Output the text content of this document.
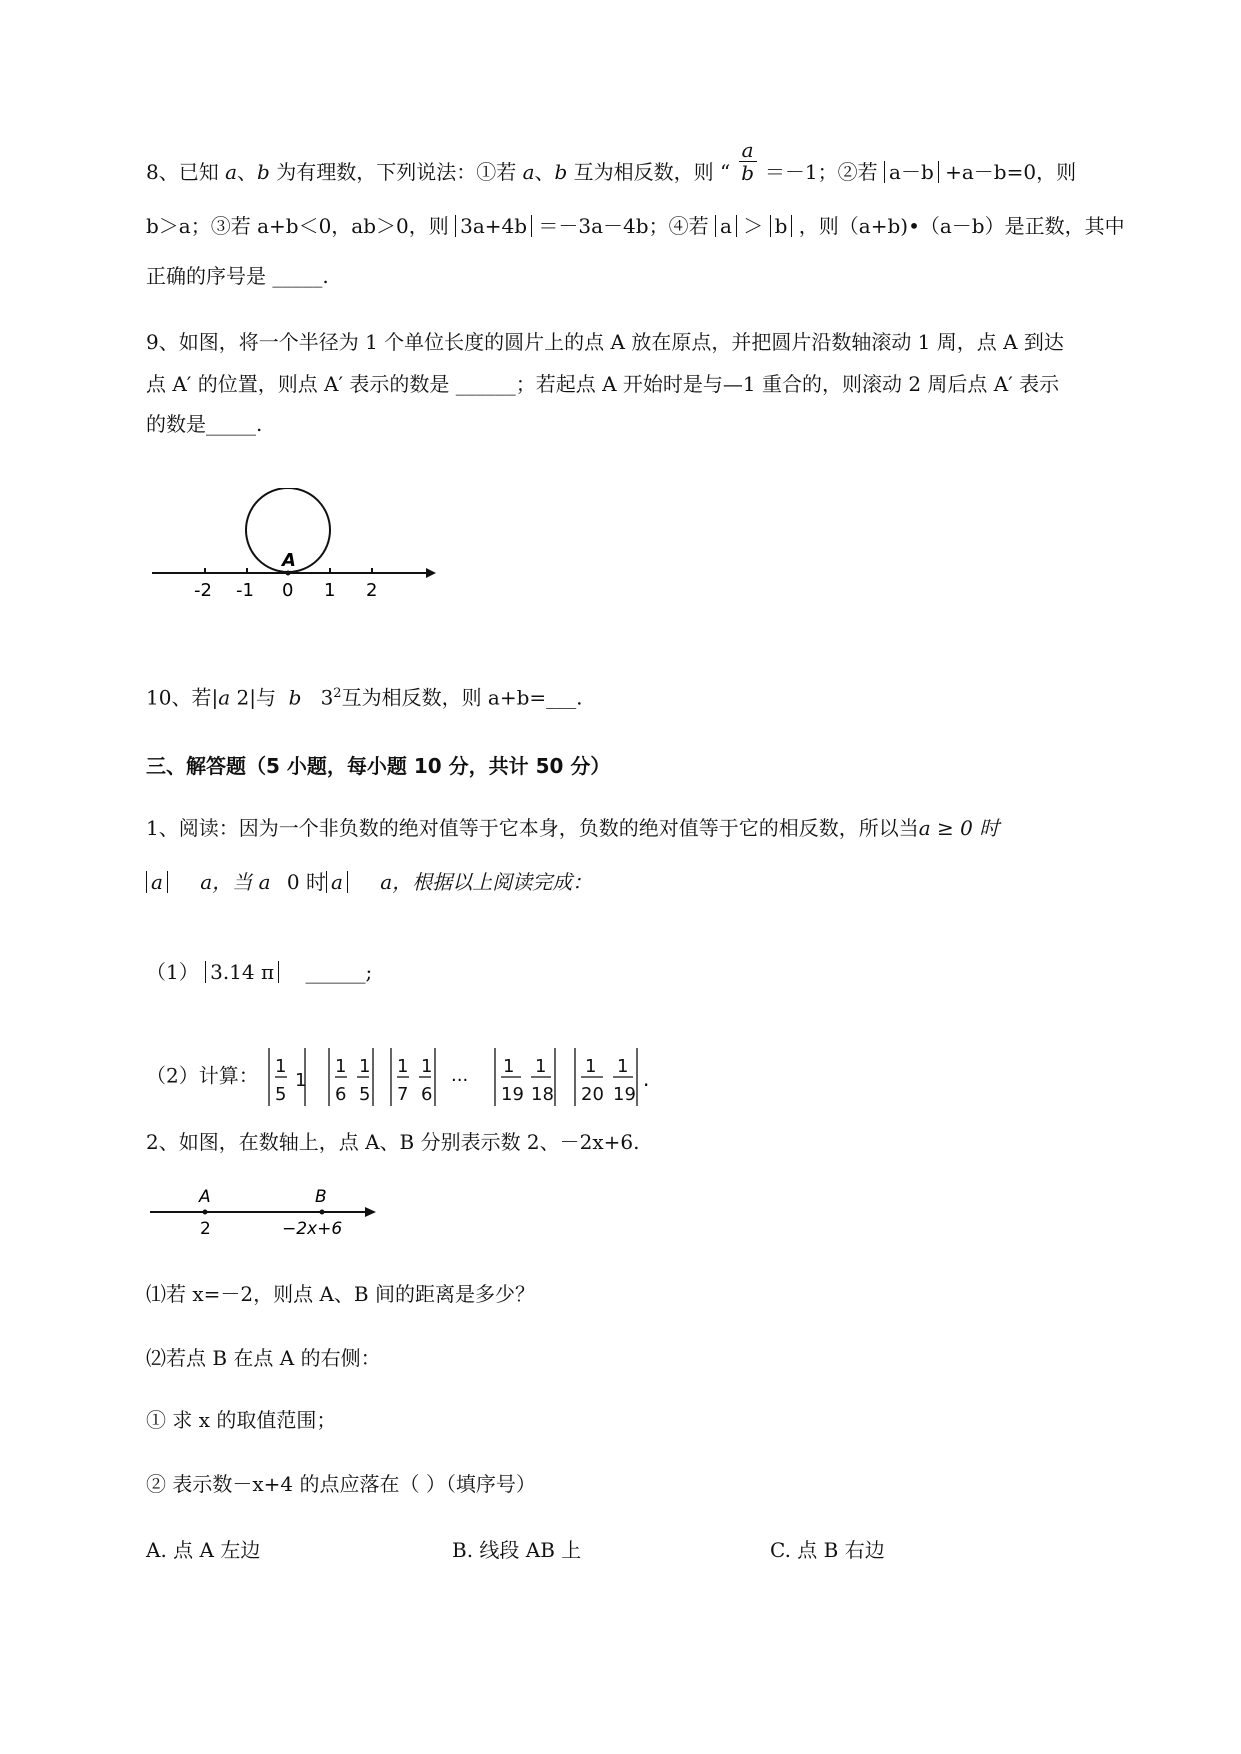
8、已知 a、b 为有理数，下列说法：①若 a、b 互为相反数，则 “ $\frac{a}{b} =-1$；②若 a－b +a－b=0，则
b＞a；③若 a+b＜0，ab＞0，则 3a+4b ＝－3a－4b；④若 a ＞ b ，则（a+b)•（a－b）是正数，其中
正确的序号是 _____.
9、如图，将一个半径为 1 个单位长度的圆片上的点 A 放在原点，并把圆片沿数轴滚动 1 周，点 A 到达
点 A′ 的位置，则点 A′ 表示的数是 ______；若起点 A 开始时是与—1 重合的，则滚动 2 周后点 A′ 表示
的数是_____.
A
-2 -1 0 1 2
10、若|a 2|与 b $3^2$互为相反数，则 a+b=___.
三、解答题（5 小题，每小题 10 分，共计 50 分）
1、阅读：因为一个非负数的绝对值等于它本身，负数的绝对值等于它的相反数，所以当a ≥ 0 时
a a，当 a 0 时 a a，根据以上阅读完成：
（1） 3.14 π ______;
（2）计算： 1
5
1
1
6
1
5
1
7
1
6
1
19
1
18
1
20
1
19
···	.
2、如图，在数轴上，点 A、B 分别表示数 2、－2x+6.
A	B
2	−2x+6
⑴若 x=－2，则点 A、B 间的距离是多少？
⑵若点 B 在点 A 的右侧：
① 求 x 的取值范围；
② 表示数－x+4 的点应落在（ ）（填序号）
A. 点 A 左边	B. 线段 AB 上	C. 点 B 右边
